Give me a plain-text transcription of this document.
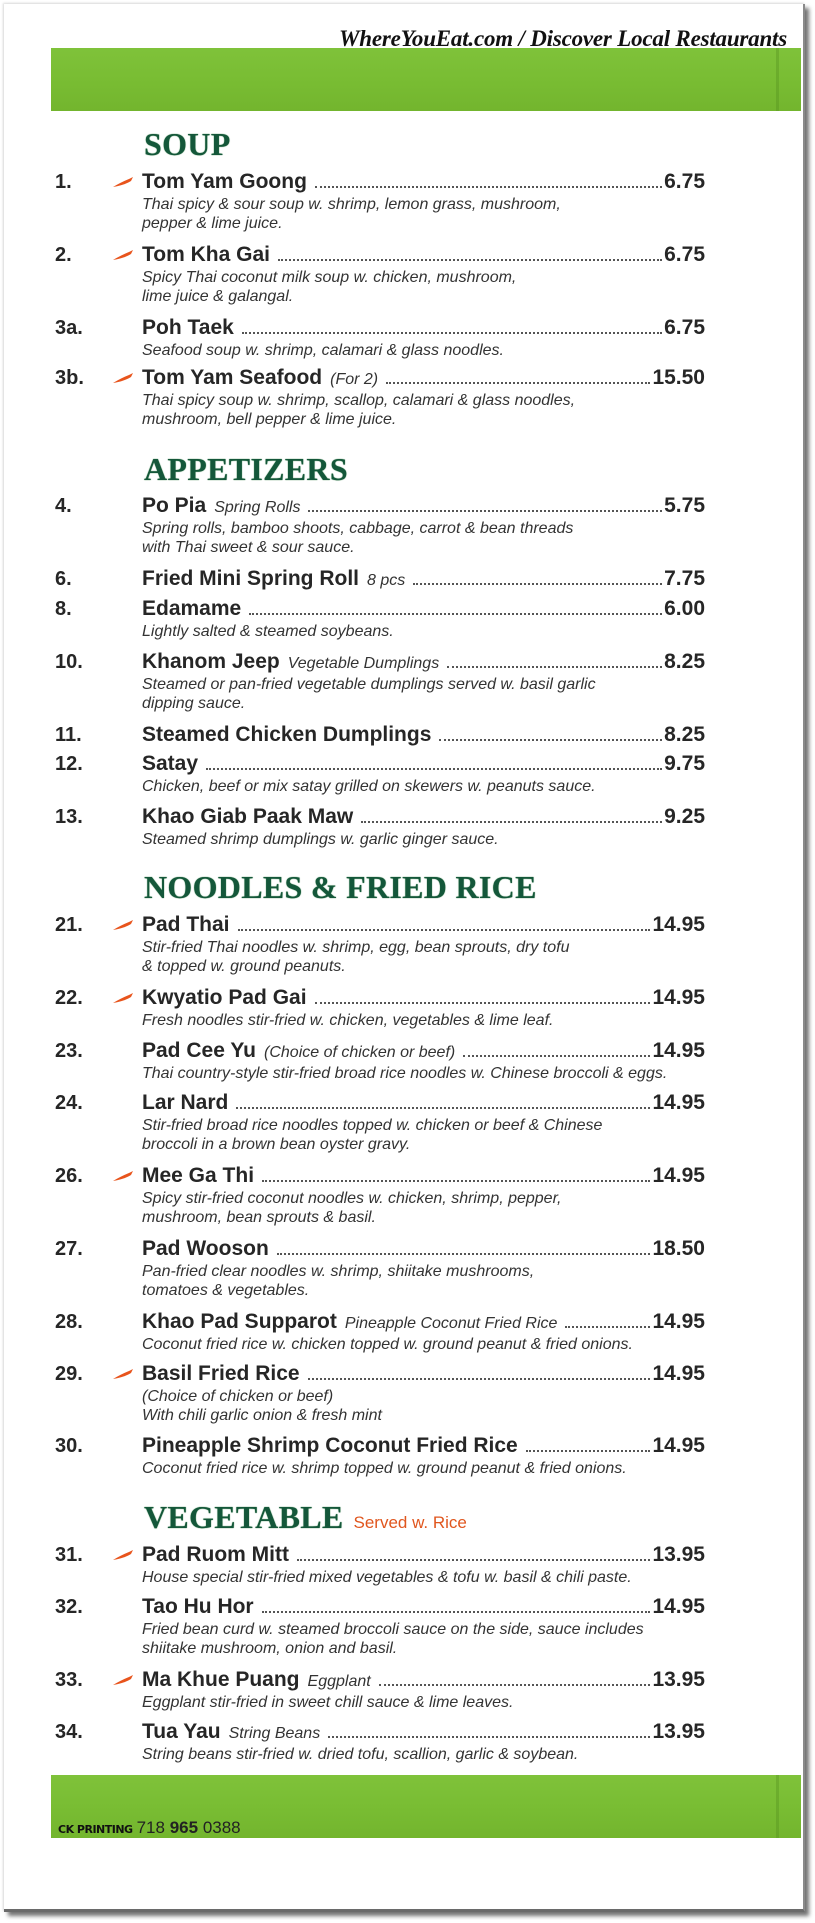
WhereYouEat.com / Discover Local Restaurants
SOUP
1.	Tom Yam Goong	6.75
Thai spicy & sour soup w. shrimp, lemon grass, mushroom,
pepper & lime juice.
2.	Tom Kha Gai	6.75
Spicy Thai coconut milk soup w. chicken, mushroom,
lime juice & galangal.
3a.	Poh Taek	6.75
Seafood soup w. shrimp, calamari & glass noodles.
3b.	Tom Yam Seafood (For 2)	15.50
Thai spicy soup w. shrimp, scallop, calamari & glass noodles,
mushroom, bell pepper & lime juice.
APPETIZERS
4.	Po Pia Spring Rolls	5.75
Spring rolls, bamboo shoots, cabbage, carrot & bean threads
with Thai sweet & sour sauce.
6.	Fried Mini Spring Roll 8 pcs	7.75
8.	Edamame	6.00
Lightly salted & steamed soybeans.
10.	Khanom Jeep Vegetable Dumplings	8.25
Steamed or pan-fried vegetable dumplings served w. basil garlic
dipping sauce.
11.	Steamed Chicken Dumplings	8.25
12.	Satay	9.75
Chicken, beef or mix satay grilled on skewers w. peanuts sauce.
13.	Khao Giab Paak Maw	9.25
Steamed shrimp dumplings w. garlic ginger sauce.
NOODLES & FRIED RICE
21.	Pad Thai	14.95
Stir-fried Thai noodles w. shrimp, egg, bean sprouts, dry tofu
& topped w. ground peanuts.
22.	Kwyatio Pad Gai	14.95
Fresh noodles stir-fried w. chicken, vegetables & lime leaf.
23.	Pad Cee Yu (Choice of chicken or beef)	14.95
Thai country-style stir-fried broad rice noodles w. Chinese broccoli & eggs.
24.	Lar Nard	14.95
Stir-fried broad rice noodles topped w. chicken or beef & Chinese
broccoli in a brown bean oyster gravy.
26.	Mee Ga Thi	14.95
Spicy stir-fried coconut noodles w. chicken, shrimp, pepper,
mushroom, bean sprouts & basil.
27.	Pad Wooson	18.50
Pan-fried clear noodles w. shrimp, shiitake mushrooms,
tomatoes & vegetables.
28.	Khao Pad Supparot Pineapple Coconut Fried Rice	14.95
Coconut fried rice w. chicken topped w. ground peanut & fried onions.
29.	Basil Fried Rice	14.95
(Choice of chicken or beef)
With chili garlic onion & fresh mint
30.	Pineapple Shrimp Coconut Fried Rice	14.95
Coconut fried rice w. shrimp topped w. ground peanut & fried onions.
VEGETABLE Served w. Rice
31.	Pad Ruom Mitt	13.95
House special stir-fried mixed vegetables & tofu w. basil & chili paste.
32.	Tao Hu Hor	14.95
Fried bean curd w. steamed broccoli sauce on the side, sauce includes
shiitake mushroom, onion and basil.
33.	Ma Khue Puang Eggplant	13.95
Eggplant stir-fried in sweet chill sauce & lime leaves.
34.	Tua Yau String Beans	13.95
String beans stir-fried w. dried tofu, scallion, garlic & soybean.
CK PRINTING 718 965 0388
